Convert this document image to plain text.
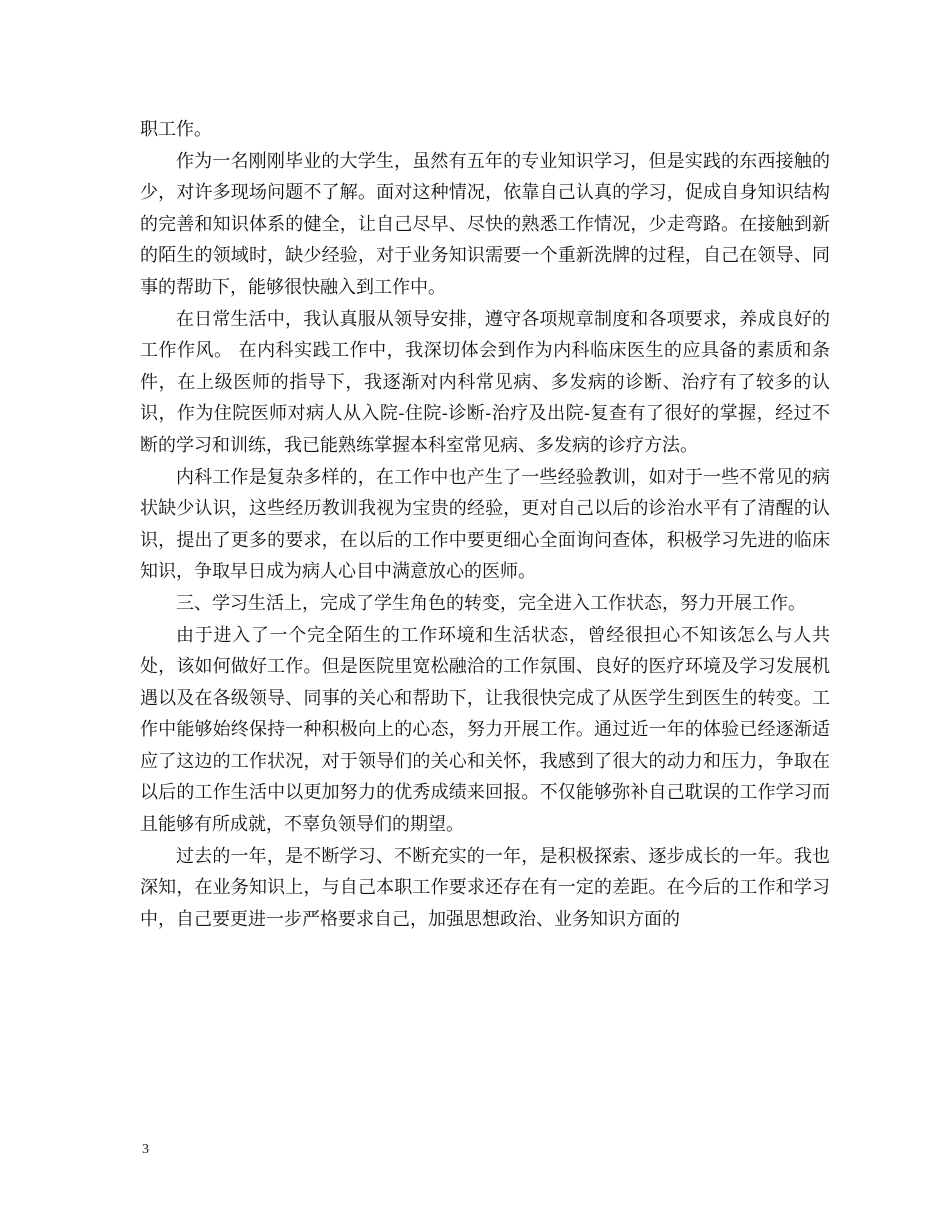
职工作。

作为一名刚刚毕业的大学生，虽然有五年的专业知识学习，但是实践的东西接触的少，对许多现场问题不了解。面对这种情况，依靠自己认真的学习，促成自身知识结构的完善和知识体系的健全，让自己尽早、尽快的熟悉工作情况，少走弯路。在接触到新的陌生的领域时，缺少经验，对于业务知识需要一个重新洗牌的过程，自己在领导、同事的帮助下，能够很快融入到工作中。

在日常生活中，我认真服从领导安排，遵守各项规章制度和各项要求，养成良好的工作作风。 在内科实践工作中，我深切体会到作为内科临床医生的应具备的素质和条件，在上级医师的指导下，我逐渐对内科常见病、多发病的诊断、治疗有了较多的认识，作为住院医师对病人从入院-住院-诊断-治疗及出院-复查有了很好的掌握，经过不断的学习和训练，我已能熟练掌握本科室常见病、多发病的诊疗方法。

内科工作是复杂多样的，在工作中也产生了一些经验教训，如对于一些不常见的病状缺少认识，这些经历教训我视为宝贵的经验，更对自己以后的诊治水平有了清醒的认识，提出了更多的要求，在以后的工作中要更细心全面询问查体，积极学习先进的临床知识，争取早日成为病人心目中满意放心的医师。

三、学习生活上，完成了学生角色的转变，完全进入工作状态，努力开展工作。

由于进入了一个完全陌生的工作环境和生活状态，曾经很担心不知该怎么与人共处，该如何做好工作。但是医院里宽松融洽的工作氛围、良好的医疗环境及学习发展机遇以及在各级领导、同事的关心和帮助下，让我很快完成了从医学生到医生的转变。工作中能够始终保持一种积极向上的心态，努力开展工作。通过近一年的体验已经逐渐适应了这边的工作状况，对于领导们的关心和关怀，我感到了很大的动力和压力，争取在以后的工作生活中以更加努力的优秀成绩来回报。不仅能够弥补自己耽误的工作学习而且能够有所成就，不辜负领导们的期望。

过去的一年，是不断学习、不断充实的一年，是积极探索、逐步成长的一年。我也深知，在业务知识上，与自己本职工作要求还存在有一定的差距。在今后的工作和学习中，自己要更进一步严格要求自己，加强思想政治、业务知识方面的

3
